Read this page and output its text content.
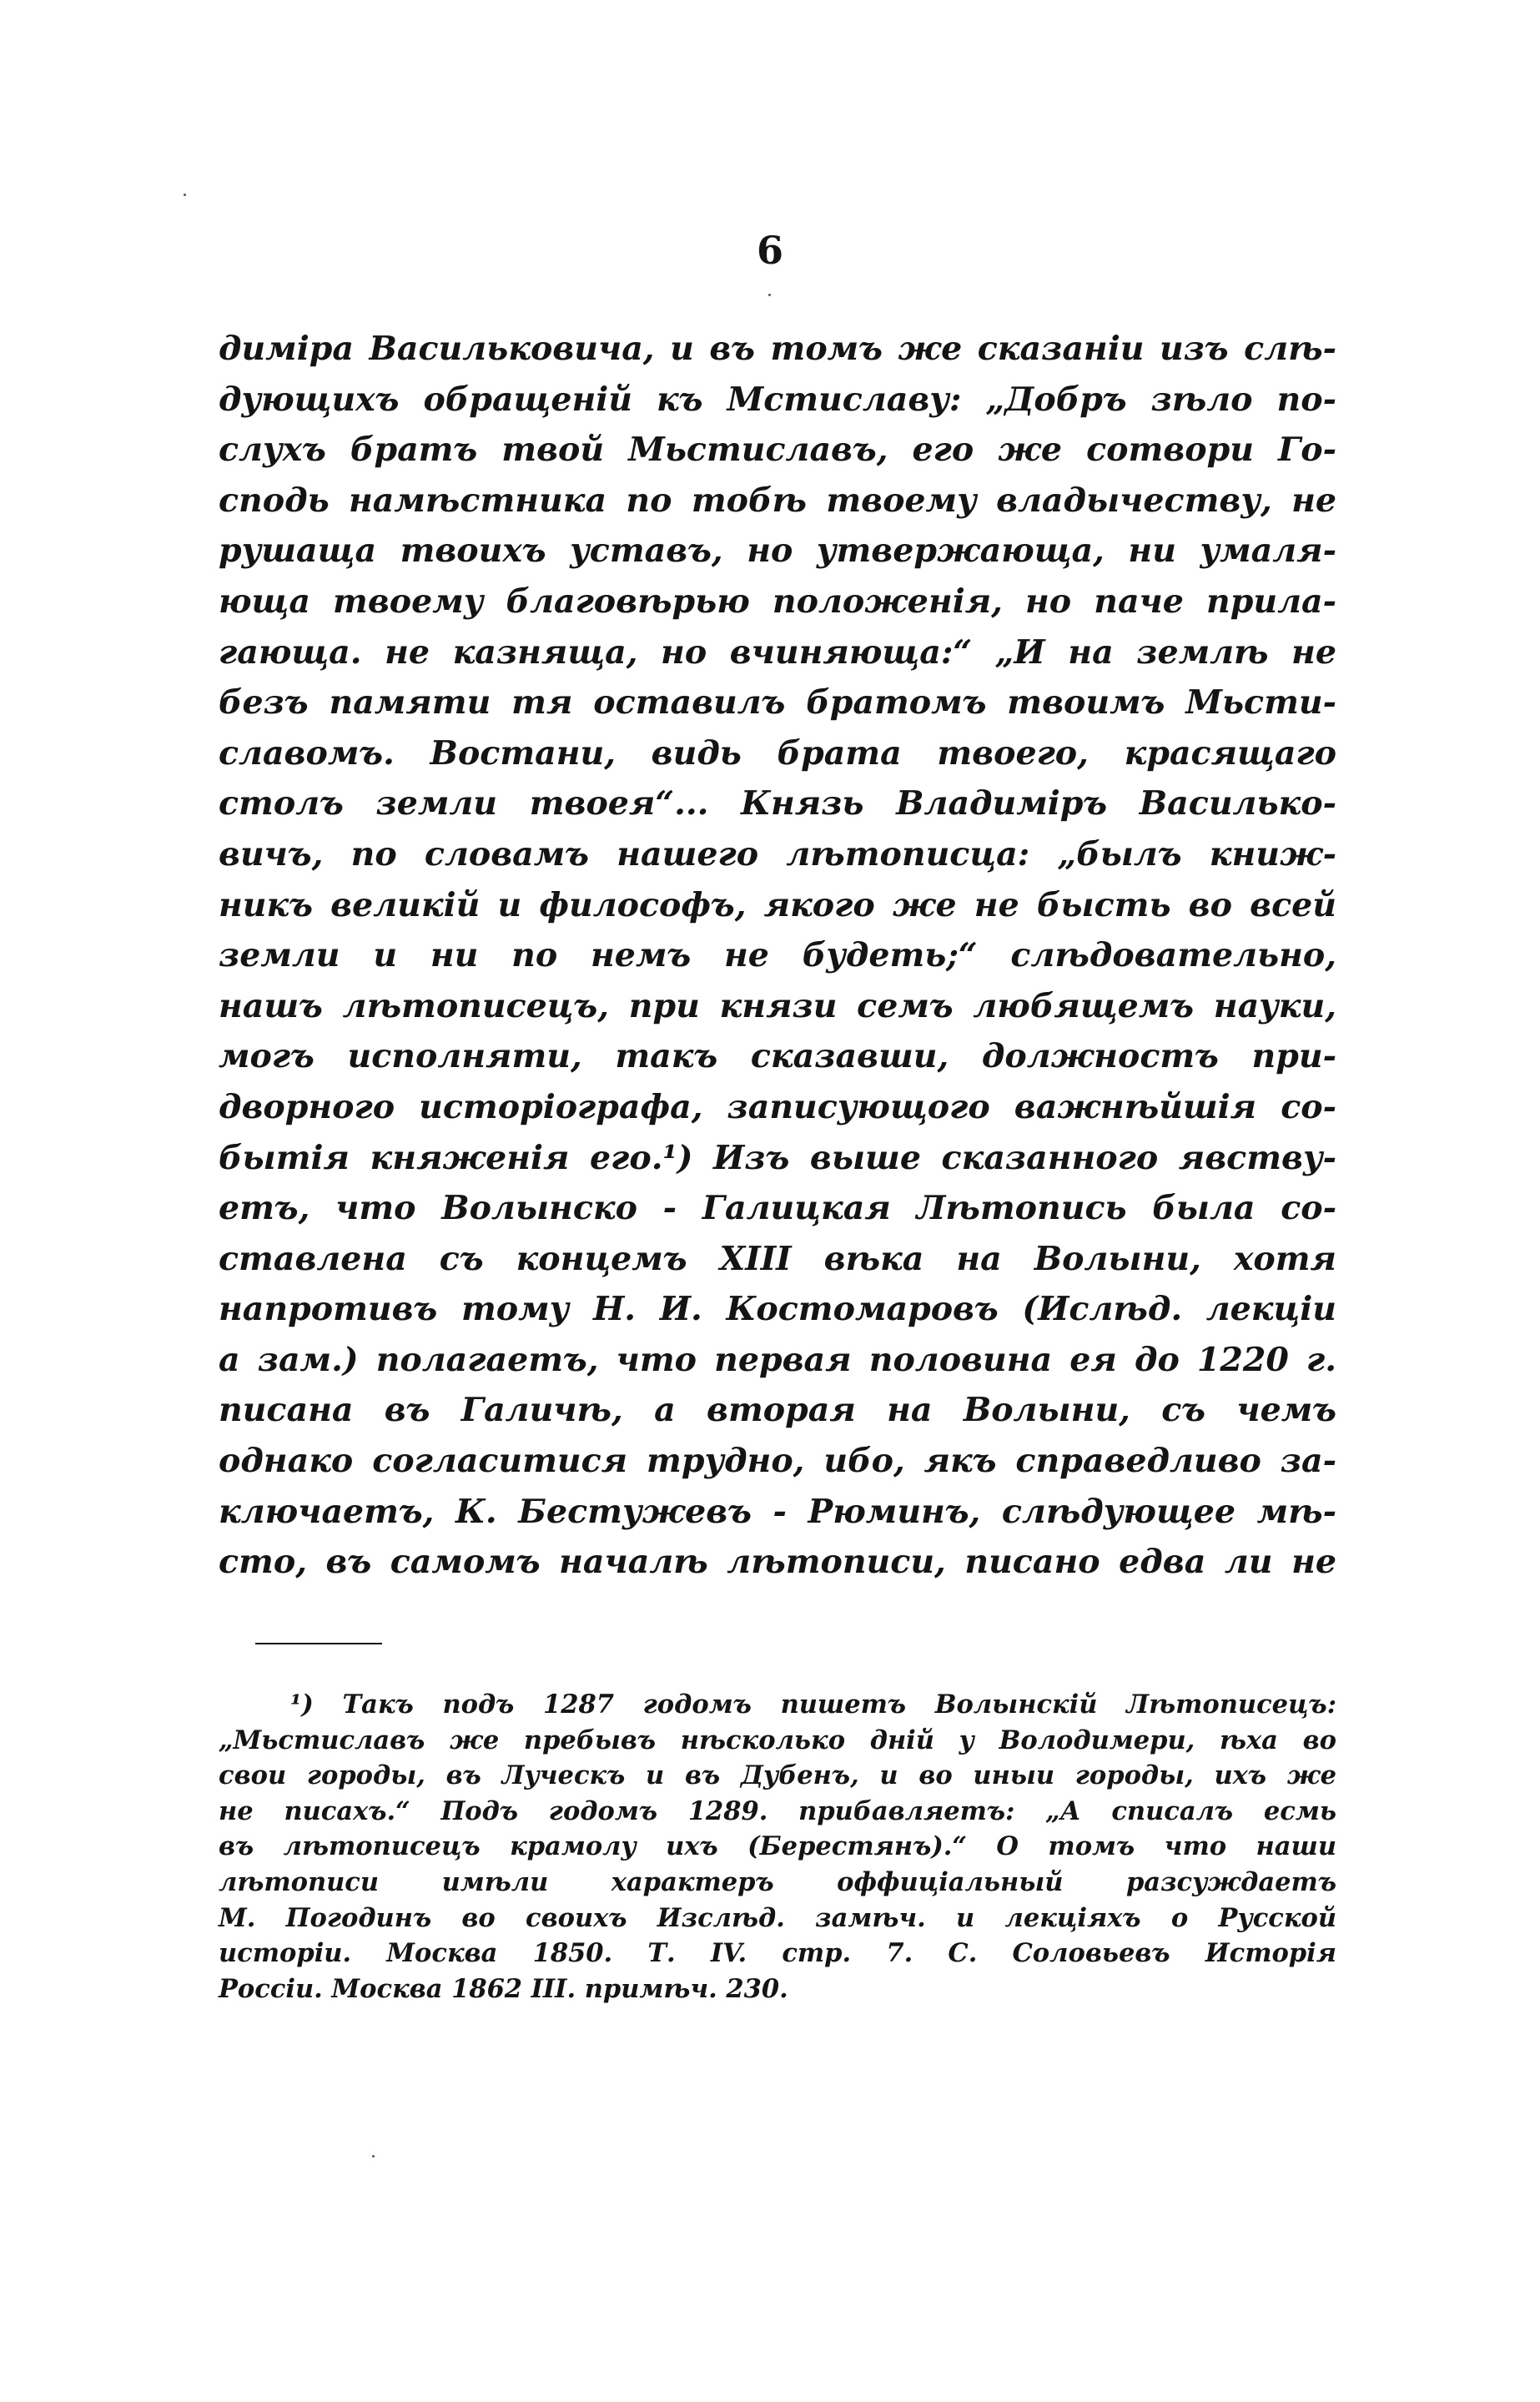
6
димiра Васильковича, и въ томъ же сказанiи изъ слѣ-
дующихъ обращенiй къ Мстиславу: „Добръ зѣло по-
слухъ братъ твой Мьстиславъ, его же сотвори Го-
сподь намѣстника по тобѣ твоему владычеству, не
рушаща твоихъ уставъ, но утвержающа, ни умаля-
юща твоему благовѣрью положенiя, но паче прила-
гающа. не казняща, но вчиняюща:“ „И на землѣ не
безъ памяти тя оставилъ братомъ твоимъ Мьсти-
славомъ. Востани, видь брата твоего, красящаго
столъ земли твоея“... Князь Владимiръ Василько-
вичъ, по словамъ нашего лѣтописца: „былъ книж-
никъ великiй и философъ, якого же не бысть во всей
земли и ни по немъ не будеть;“ слѣдовательно,
нашъ лѣтописецъ, при князи семъ любящемъ науки,
могъ исполнятu, такъ сказавши, должностъ при-
дворного исторiографа, записующого важнѣйшiя со-
бытiя княженiя его.¹) Изъ выше сказанного явству-
етъ, что Волынско - Галицкая Лѣтопись была со-
ставлена съ концемъ XIII вѣка на Волыни, хотя
напротивъ тому Н. И. Костомаровъ (Ислѣд. лекцiи
а зам.) полагаетъ, что первая половина ея до 1220 г.
писана въ Галичѣ, а вторая на Волыни, съ чемъ
однако согласитися трудно, ибо, якъ справедливо за-
ключаетъ, К. Бестужевъ - Рюминъ, слѣдующее мѣ-
сто, въ самомъ началѣ лѣтописи, писано едва ли не
¹) Такъ подъ 1287 годомъ пишетъ Волынскiй Лѣтописецъ:
„Мьстиславъ же пребывъ нѣсколько днiй у Володимери, ѣха во
свои городы, въ Луческъ и въ Дубенъ, и во иныи городы, ихъ же
не писахъ.“ Подъ годомъ 1289. прибавляетъ: „А списалъ есмь
въ лѣтописецъ крамолу ихъ (Берестянъ).“ О томъ что наши
лѣтописи имѣли характеръ оффицiальный разсуждаетъ
М. Погодинъ во своихъ Изслѣд. замѣч. и лекцiяхъ о Русской
исторiи. Москва 1850. Т. IV. стр. 7. С. Соловьевъ Исторiя
Россiи. Москва 1862 III. примѣч. 230.
